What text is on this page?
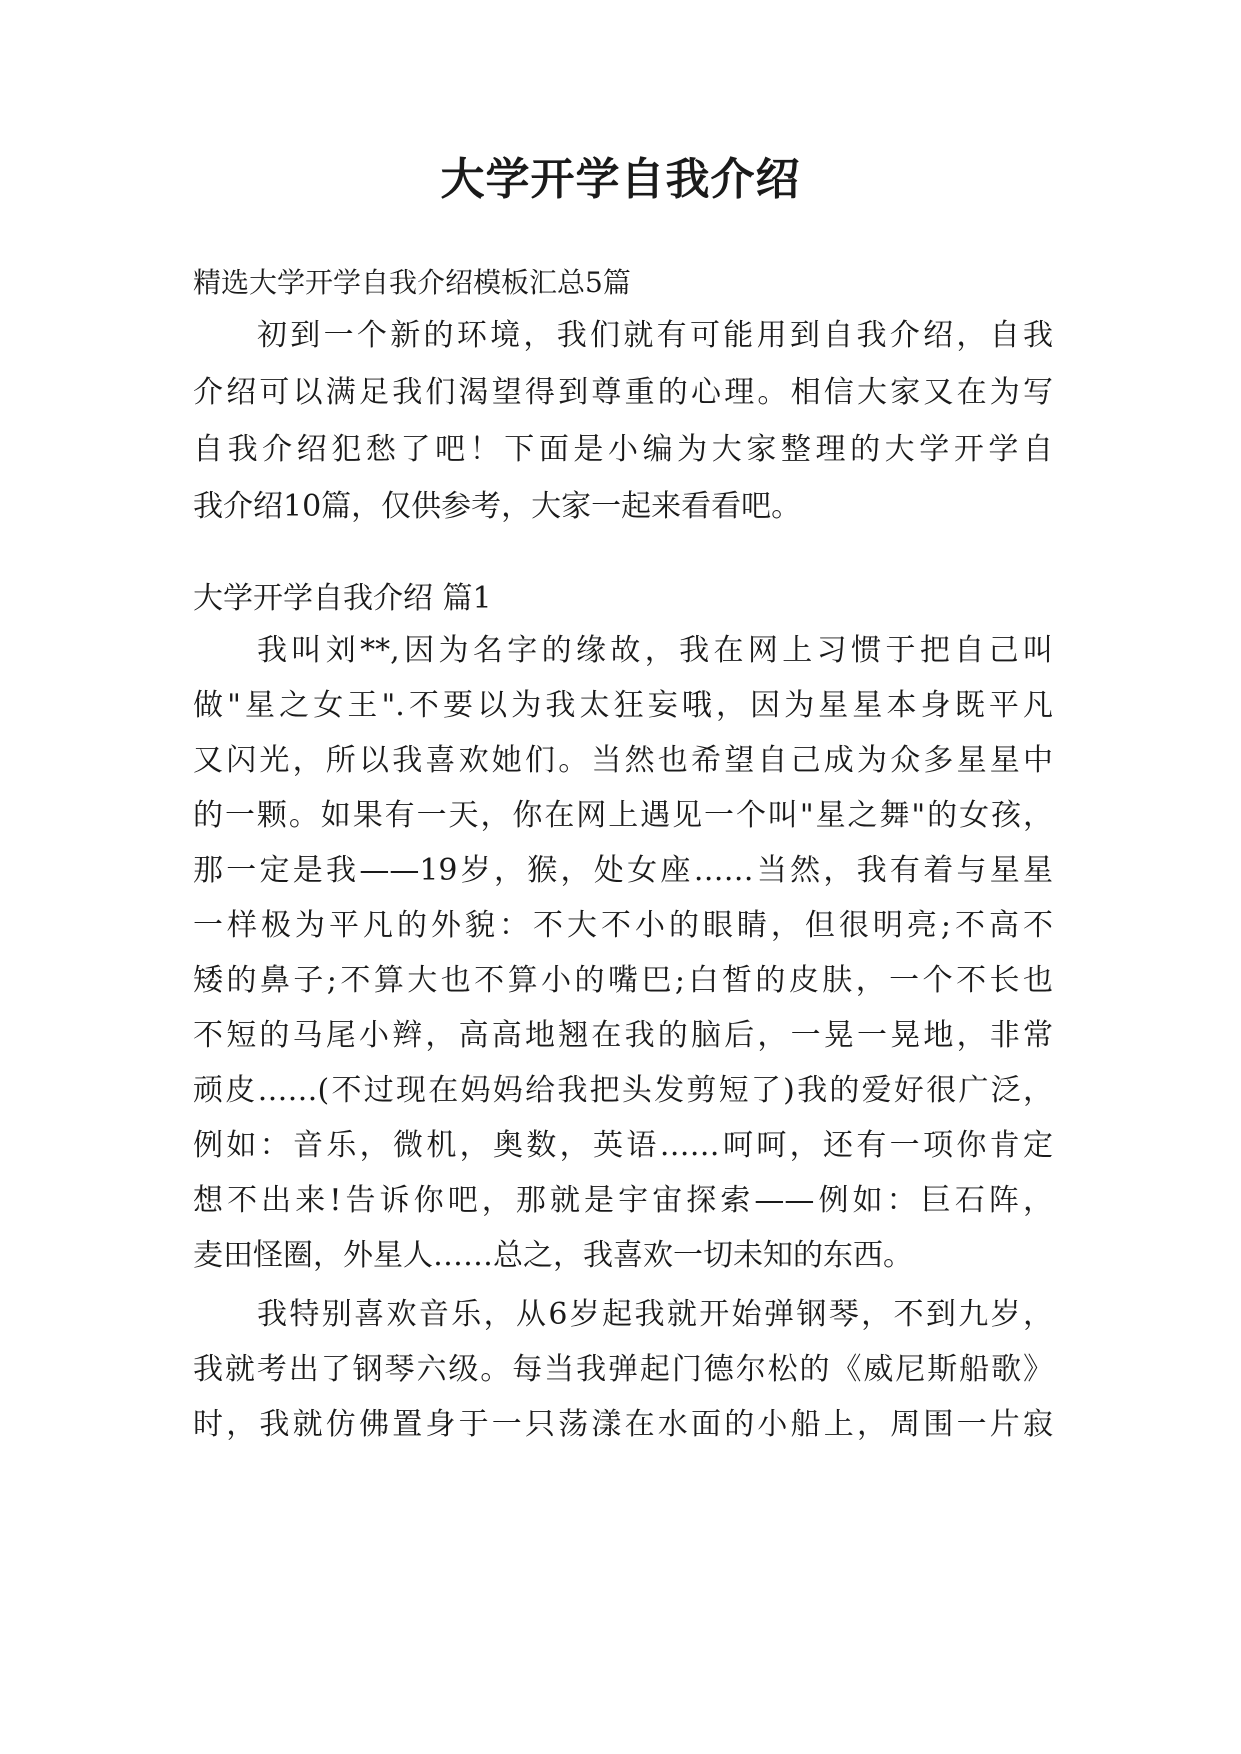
大学开学自我介绍

精选大学开学自我介绍模板汇总5篇

初到一个新的环境，我们就有可能用到自我介绍，自我

介绍可以满足我们渴望得到尊重的心理。相信大家又在为写

自我介绍犯愁了吧！下面是小编为大家整理的大学开学自

我介绍10篇，仅供参考，大家一起来看看吧。

大学开学自我介绍 篇1

我叫刘**,因为名字的缘故，我在网上习惯于把自己叫

做"星之女王".不要以为我太狂妄哦，因为星星本身既平凡

又闪光，所以我喜欢她们。当然也希望自己成为众多星星中

的一颗。如果有一天，你在网上遇见一个叫"星之舞"的女孩，

那一定是我——19岁，猴，处女座……当然，我有着与星星

一样极为平凡的外貌：不大不小的眼睛，但很明亮;不高不

矮的鼻子;不算大也不算小的嘴巴;白皙的皮肤，一个不长也

不短的马尾小辫，高高地翘在我的脑后，一晃一晃地，非常

顽皮……(不过现在妈妈给我把头发剪短了)我的爱好很广泛，

例如：音乐，微机，奥数，英语……呵呵，还有一项你肯定

想不出来!告诉你吧，那就是宇宙探索——例如：巨石阵，

麦田怪圈，外星人……总之，我喜欢一切未知的东西。

我特别喜欢音乐，从6岁起我就开始弹钢琴，不到九岁，

我就考出了钢琴六级。每当我弹起门德尔松的《威尼斯船歌》

时，我就仿佛置身于一只荡漾在水面的小船上，周围一片寂
